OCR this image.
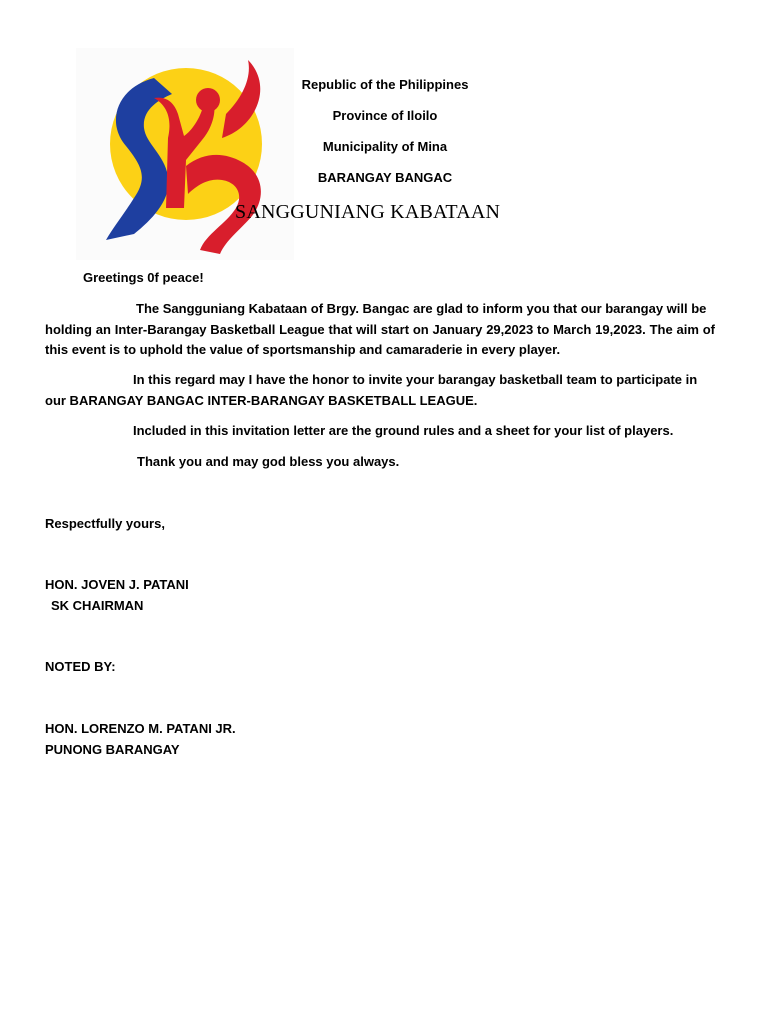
Republic of the Philippines
Province of Iloilo
Municipality of Mina
BARANGAY BANGAC
SANGGUNIANG KABATAAN
Greetings 0f peace!
The Sangguniang Kabataan of Brgy. Bangac are glad to inform you that our barangay will be
holding an Inter-Barangay Basketball League that will start on January 29,2023 to March 19,2023. The aim of this event is to uphold the value of sportsmanship and camaraderie in every player.
In this regard may I have the honor to invite your barangay basketball team to participate in
our BARANGAY BANGAC INTER-BARANGAY BASKETBALL LEAGUE.
Included in this invitation letter are the ground rules and a sheet for your list of players.
Thank you and may god bless you always.
Respectfully yours,
HON. JOVEN J. PATANI
SK CHAIRMAN
NOTED BY:
HON. LORENZO M. PATANI JR.
PUNONG BARANGAY
